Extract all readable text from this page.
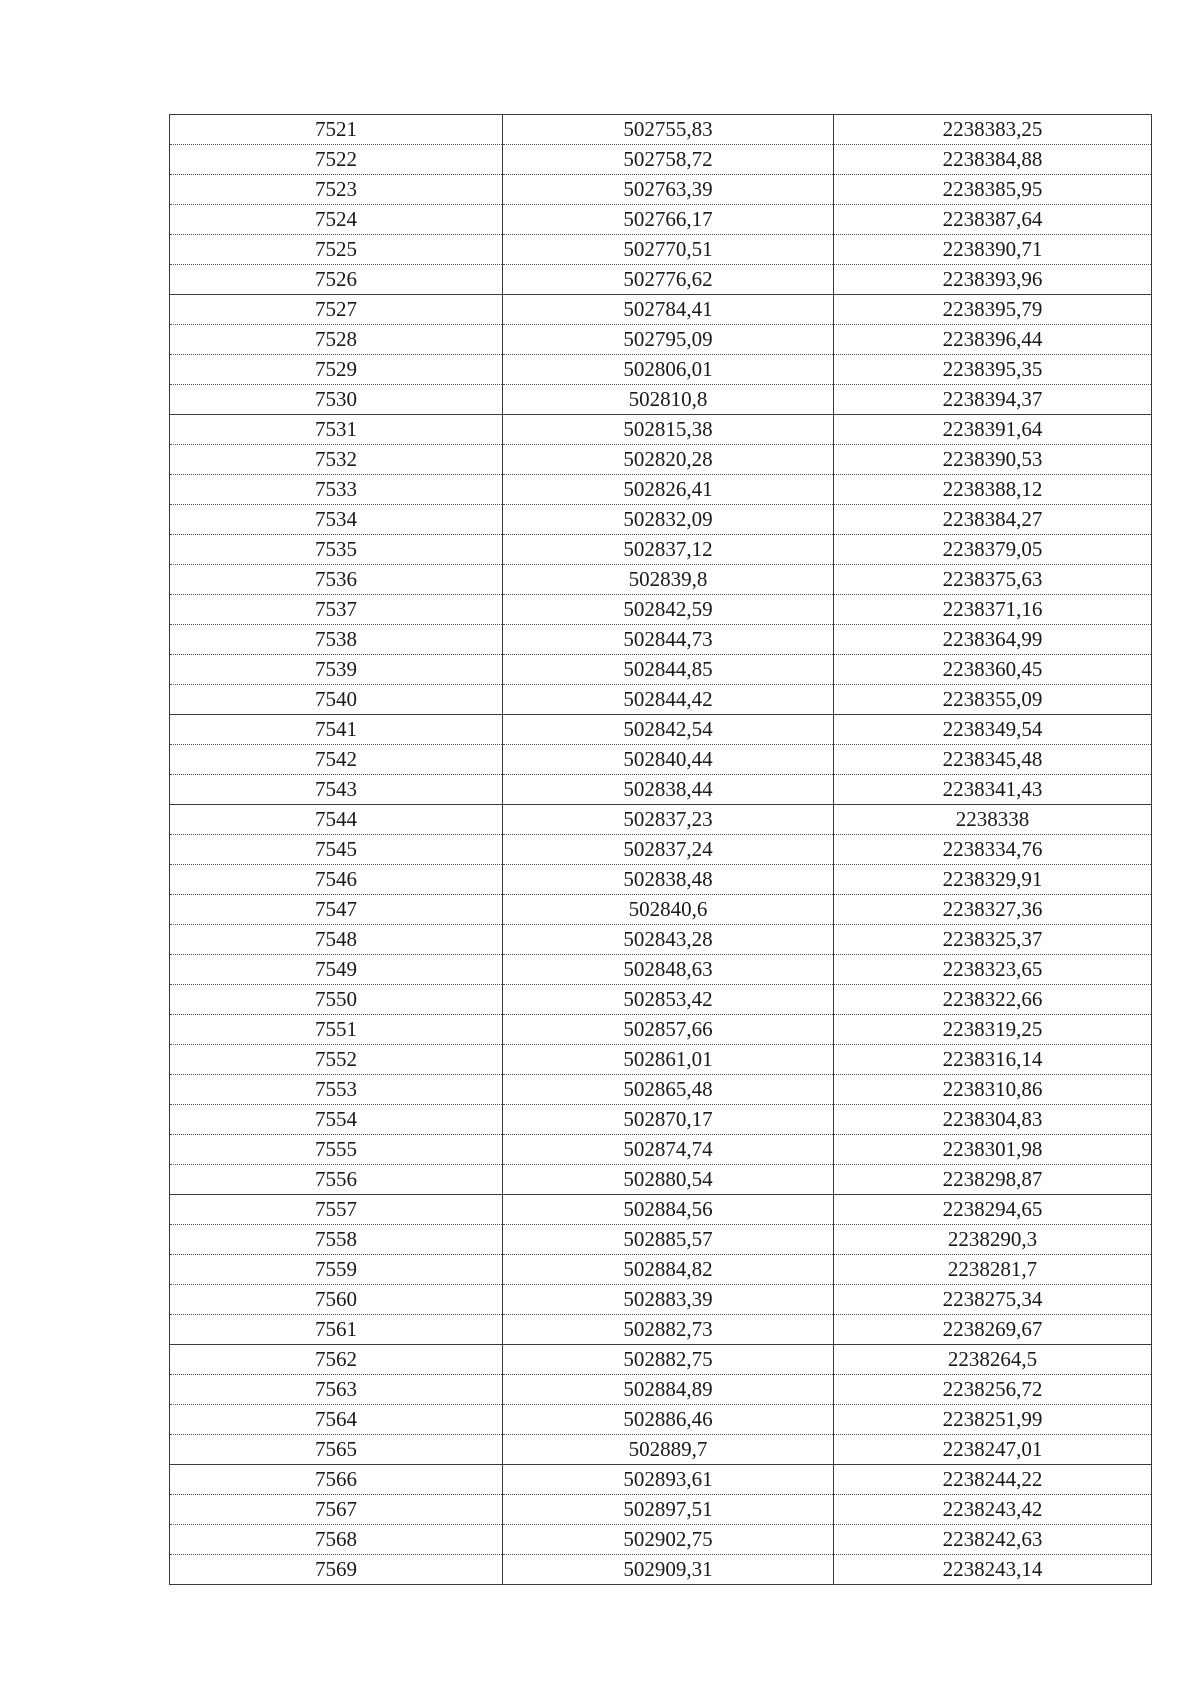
7521	502755,83	2238383,25
7522	502758,72	2238384,88
7523	502763,39	2238385,95
7524	502766,17	2238387,64
7525	502770,51	2238390,71
7526	502776,62	2238393,96
7527	502784,41	2238395,79
7528	502795,09	2238396,44
7529	502806,01	2238395,35
7530	502810,8	2238394,37
7531	502815,38	2238391,64
7532	502820,28	2238390,53
7533	502826,41	2238388,12
7534	502832,09	2238384,27
7535	502837,12	2238379,05
7536	502839,8	2238375,63
7537	502842,59	2238371,16
7538	502844,73	2238364,99
7539	502844,85	2238360,45
7540	502844,42	2238355,09
7541	502842,54	2238349,54
7542	502840,44	2238345,48
7543	502838,44	2238341,43
7544	502837,23	2238338
7545	502837,24	2238334,76
7546	502838,48	2238329,91
7547	502840,6	2238327,36
7548	502843,28	2238325,37
7549	502848,63	2238323,65
7550	502853,42	2238322,66
7551	502857,66	2238319,25
7552	502861,01	2238316,14
7553	502865,48	2238310,86
7554	502870,17	2238304,83
7555	502874,74	2238301,98
7556	502880,54	2238298,87
7557	502884,56	2238294,65
7558	502885,57	2238290,3
7559	502884,82	2238281,7
7560	502883,39	2238275,34
7561	502882,73	2238269,67
7562	502882,75	2238264,5
7563	502884,89	2238256,72
7564	502886,46	2238251,99
7565	502889,7	2238247,01
7566	502893,61	2238244,22
7567	502897,51	2238243,42
7568	502902,75	2238242,63
7569	502909,31	2238243,14
